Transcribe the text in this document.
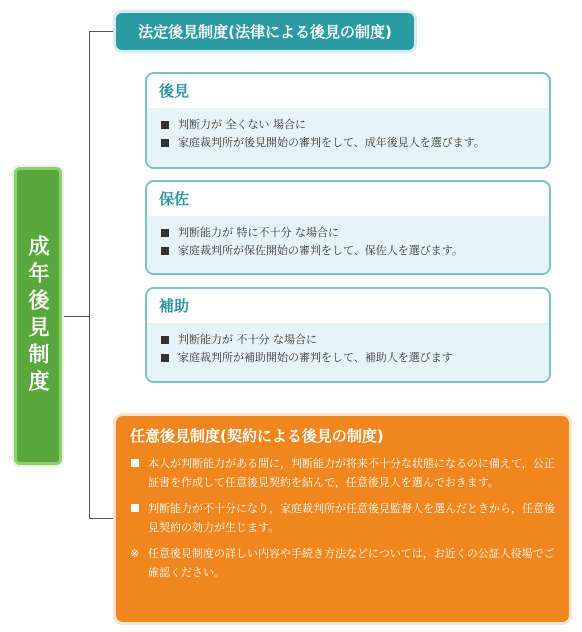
成年後見制度
法定後見制度(法律による後見の制度)
後見
判断力が 全くない 場合に
家庭裁判所が後見開始の審判をして、成年後見人を選びます。
保佐
判断能力が 特に不十分 な場合に
家庭裁判所が保佐開始の審判をして、保佐人を選びます。
補助
判断能力が 不十分 な場合に
家庭裁判所が補助開始の審判をして、補助人を選びます
任意後見制度(契約による後見の制度)
本人が判断能力がある間に，判断能力が将来不十分な状態になるのに備えて，公正証書を作成して任意後見契約を結んで，任意後見人を選んでおきます。
判断能力が不十分になり，家庭裁判所が任意後見監督人を選んだときから，任意後見契約の効力が生じます。
※ 任意後見制度の詳しい内容や手続き方法などについては，お近くの公証人役場でご確認ください。
